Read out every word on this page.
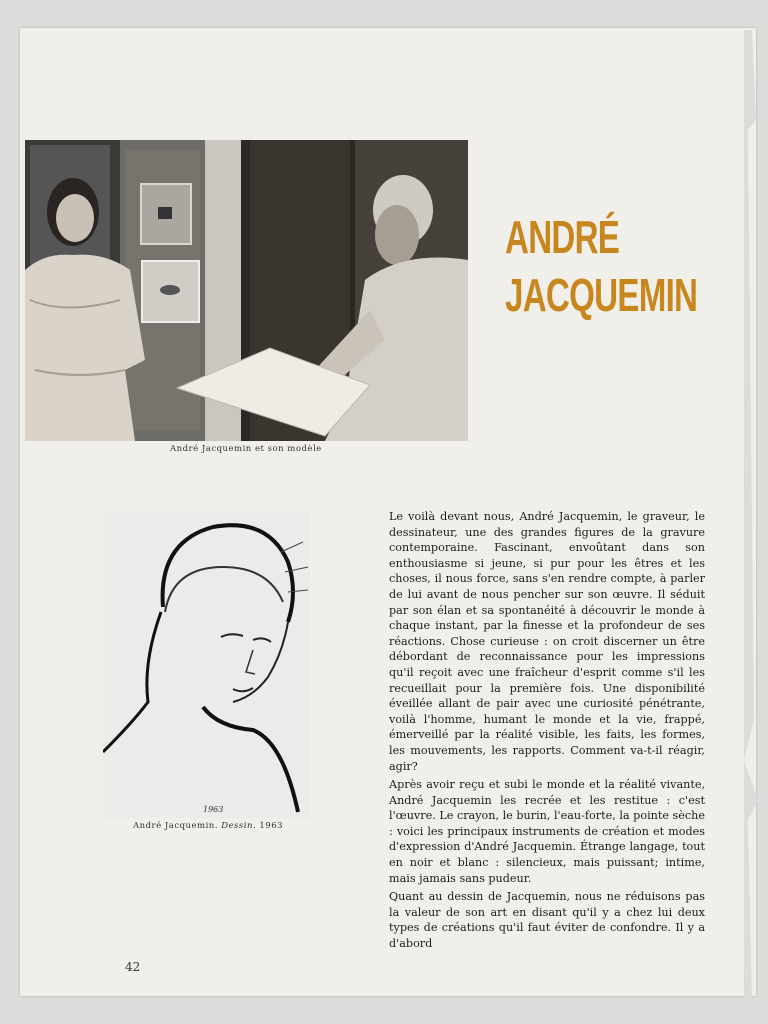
André Jacquemin et son modèle
ANDRÉ
JACQUEMIN
1963
André Jacquemin. Dessin. 1963

Le voilà devant nous, André Jacquemin, le graveur, le dessinateur, une des grandes figures de la gravure contemporaine. Fascinant, envoûtant dans son enthousiasme si jeune, si pur pour les êtres et les choses, il nous force, sans s'en rendre compte, à parler de lui avant de nous pencher sur son œuvre. Il séduit par son élan et sa spontanéité à découvrir le monde à chaque instant, par la finesse et la profondeur de ses réactions. Chose curieuse : on croit discerner un être débordant de reconnaissance pour les impressions qu'il reçoit avec une fraîcheur d'esprit comme s'il les recueillait pour la première fois. Une disponibilité éveillée allant de pair avec une curiosité pénétrante, voilà l'homme, humant le monde et la vie, frappé, émerveillé par la réalité visible, les faits, les formes, les mouvements, les rapports. Comment va-t-il réagir, agir?

Après avoir reçu et subi le monde et la réalité vivante, André Jacquemin les recrée et les restitue : c'est l'œuvre. Le crayon, le burin, l'eau-forte, la pointe sèche : voici les principaux instruments de création et modes d'expression d'André Jacquemin. Étrange langage, tout en noir et blanc : silencieux, mais puissant; intime, mais jamais sans pudeur.

Quant au dessin de Jacquemin, nous ne réduisons pas la valeur de son art en disant qu'il y a chez lui deux types de créations qu'il faut éviter de confondre. Il y a d'abord

42
